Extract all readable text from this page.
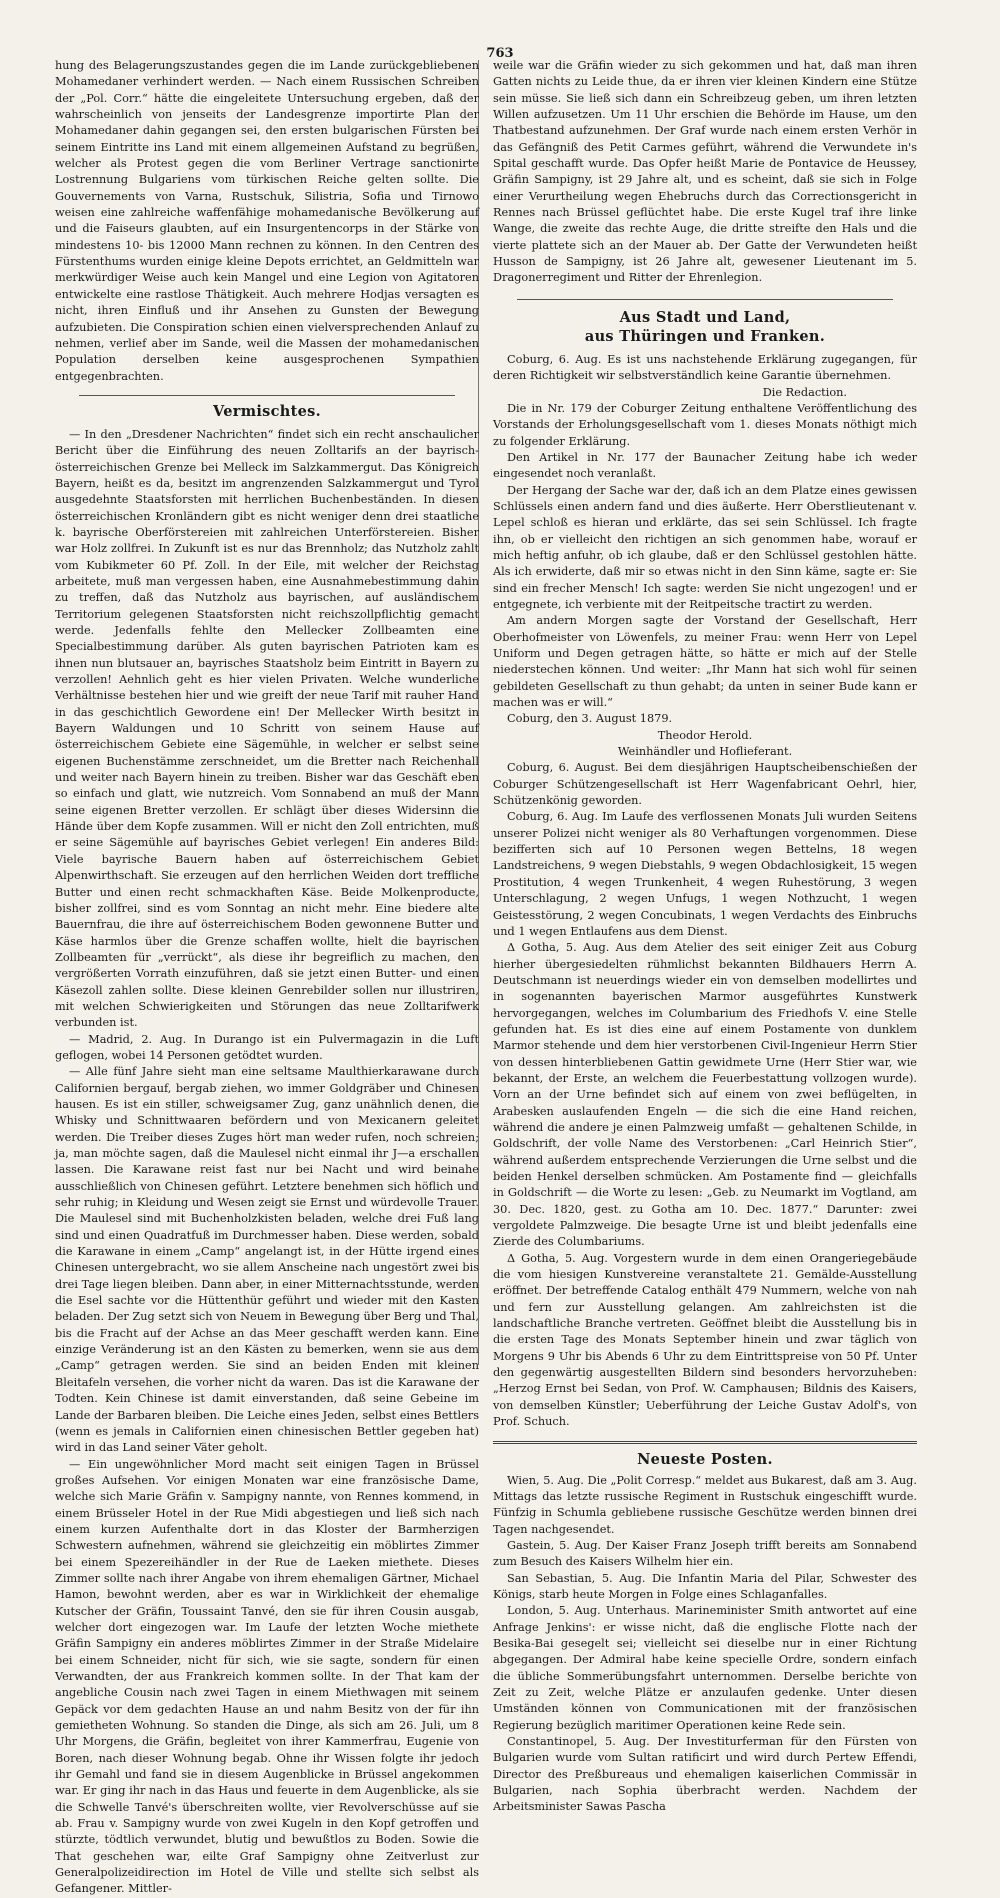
763

hung des Belagerungszustandes gegen die im Lande zurückgebliebenen Mohamedaner verhindert werden. — Nach einem Russischen Schreiben der „Pol. Corr.“ hätte die eingeleitete Untersuchung ergeben, daß der wahrscheinlich von jenseits der Landesgrenze importirte Plan der Mohamedaner dahin gegangen sei, den ersten bulgarischen Fürsten bei seinem Eintritte ins Land mit einem allgemeinen Aufstand zu begrüßen, welcher als Protest gegen die vom Berliner Vertrage sanctionirte Lostrennung Bulgariens vom türkischen Reiche gelten sollte. Die Gouvernements von Varna, Rustschuk, Silistria, Sofia und Tirnowo weisen eine zahlreiche waffenfähige mohamedanische Bevölkerung auf und die Faiseurs glaubten, auf ein Insurgentencorps in der Stärke von mindestens 10- bis 12000 Mann rechnen zu können. In den Centren des Fürstenthums wurden einige kleine Depots errichtet, an Geldmitteln war merkwürdiger Weise auch kein Mangel und eine Legion von Agitatoren entwickelte eine rastlose Thätigkeit. Auch mehrere Hodjas versagten es nicht, ihren Einfluß und ihr Ansehen zu Gunsten der Bewegung aufzubieten. Die Conspiration schien einen vielversprechenden Anlauf zu nehmen, verlief aber im Sande, weil die Massen der mohamedanischen Population derselben keine ausgesprochenen Sympathien entgegenbrachten.

Vermischtes.

— In den „Dresdener Nachrichten“ findet sich ein recht anschaulicher Bericht über die Einführung des neuen Zolltarifs an der bayrisch-österreichischen Grenze bei Melleck im Salzkammergut. Das Königreich Bayern, heißt es da, besitzt im angrenzenden Salzkammergut und Tyrol ausgedehnte Staatsforsten mit herrlichen Buchenbeständen. In diesen österreichischen Kronländern gibt es nicht weniger denn drei staatliche k. bayrische Oberförstereien mit zahlreichen Unterförstereien. Bisher war Holz zollfrei. In Zukunft ist es nur das Brennholz; das Nutzholz zahlt vom Kubikmeter 60 Pf. Zoll. In der Eile, mit welcher der Reichstag arbeitete, muß man vergessen haben, eine Ausnahmebestimmung dahin zu treffen, daß das Nutzholz aus bayrischen, auf ausländischem Territorium gelegenen Staatsforsten nicht reichszollpflichtig gemacht werde. Jedenfalls fehlte den Mellecker Zollbeamten eine Specialbestimmung darüber. Als guten bayrischen Patrioten kam es ihnen nun blutsauer an, bayrisches Staatsholz beim Eintritt in Bayern zu verzollen! Aehnlich geht es hier vielen Privaten. Welche wunderliche Verhältnisse bestehen hier und wie greift der neue Tarif mit rauher Hand in das geschichtlich Gewordene ein! Der Mellecker Wirth besitzt in Bayern Waldungen und 10 Schritt von seinem Hause auf österreichischem Gebiete eine Sägemühle, in welcher er selbst seine eigenen Buchenstämme zerschneidet, um die Bretter nach Reichenhall und weiter nach Bayern hinein zu treiben. Bisher war das Geschäft eben so einfach und glatt, wie nutzreich. Vom Sonnabend an muß der Mann seine eigenen Bretter verzollen. Er schlägt über dieses Widersinn die Hände über dem Kopfe zusammen. Will er nicht den Zoll entrichten, muß er seine Sägemühle auf bayrisches Gebiet verlegen! Ein anderes Bild: Viele bayrische Bauern haben auf österreichischem Gebiet Alpenwirthschaft. Sie erzeugen auf den herrlichen Weiden dort treffliche Butter und einen recht schmackhaften Käse. Beide Molkenproducte, bisher zollfrei, sind es vom Sonntag an nicht mehr. Eine biedere alte Bauernfrau, die ihre auf österreichischem Boden gewonnene Butter und Käse harmlos über die Grenze schaffen wollte, hielt die bayrischen Zollbeamten für „verrückt“, als diese ihr begreiflich zu machen, den vergrößerten Vorrath einzuführen, daß sie jetzt einen Butter- und einen Käsezoll zahlen sollte. Diese kleinen Genrebilder sollen nur illustriren, mit welchen Schwierigkeiten und Störungen das neue Zolltarifwerk verbunden ist.

— Madrid, 2. Aug. In Durango ist ein Pulvermagazin in die Luft geflogen, wobei 14 Personen getödtet wurden.

— Alle fünf Jahre sieht man eine seltsame Maulthierkarawane durch Californien bergauf, bergab ziehen, wo immer Goldgräber und Chinesen hausen. Es ist ein stiller, schweigsamer Zug, ganz unähnlich denen, die Whisky und Schnittwaaren befördern und von Mexicanern geleitet werden. Die Treiber dieses Zuges hört man weder rufen, noch schreien; ja, man möchte sagen, daß die Maulesel nicht einmal ihr J—a erschallen lassen. Die Karawane reist fast nur bei Nacht und wird beinahe ausschließlich von Chinesen geführt. Letztere benehmen sich höflich und sehr ruhig; in Kleidung und Wesen zeigt sie Ernst und würdevolle Trauer. Die Maulesel sind mit Buchenholzkisten beladen, welche drei Fuß lang sind und einen Quadratfuß im Durchmesser haben. Diese werden, sobald die Karawane in einem „Camp“ angelangt ist, in der Hütte irgend eines Chinesen untergebracht, wo sie allem Anscheine nach ungestört zwei bis drei Tage liegen bleiben. Dann aber, in einer Mitternachtsstunde, werden die Esel sachte vor die Hüttenthür geführt und wieder mit den Kasten beladen. Der Zug setzt sich von Neuem in Bewegung über Berg und Thal, bis die Fracht auf der Achse an das Meer geschafft werden kann. Eine einzige Veränderung ist an den Kästen zu bemerken, wenn sie aus dem „Camp“ getragen werden. Sie sind an beiden Enden mit kleinen Bleitafeln versehen, die vorher nicht da waren. Das ist die Karawane der Todten. Kein Chinese ist damit einverstanden, daß seine Gebeine im Lande der Barbaren bleiben. Die Leiche eines Jeden, selbst eines Bettlers (wenn es jemals in Californien einen chinesischen Bettler gegeben hat) wird in das Land seiner Väter geholt.

— Ein ungewöhnlicher Mord macht seit einigen Tagen in Brüssel großes Aufsehen. Vor einigen Monaten war eine französische Dame, welche sich Marie Gräfin v. Sampigny nannte, von Rennes kommend, in einem Brüsseler Hotel in der Rue Midi abgestiegen und ließ sich nach einem kurzen Aufenthalte dort in das Kloster der Barmherzigen Schwestern aufnehmen, während sie gleichzeitig ein möblirtes Zimmer bei einem Spezereihändler in der Rue de Laeken miethete. Dieses Zimmer sollte nach ihrer Angabe von ihrem ehemaligen Gärtner, Michael Hamon, bewohnt werden, aber es war in Wirklichkeit der ehemalige Kutscher der Gräfin, Toussaint Tanvé, den sie für ihren Cousin ausgab, welcher dort eingezogen war. Im Laufe der letzten Woche miethete Gräfin Sampigny ein anderes möblirtes Zimmer in der Straße Midelaire bei einem Schneider, nicht für sich, wie sie sagte, sondern für einen Verwandten, der aus Frankreich kommen sollte. In der That kam der angebliche Cousin nach zwei Tagen in einem Miethwagen mit seinem Gepäck vor dem gedachten Hause an und nahm Besitz von der für ihn gemietheten Wohnung. So standen die Dinge, als sich am 26. Juli, um 8 Uhr Morgens, die Gräfin, begleitet von ihrer Kammerfrau, Eugenie von Boren, nach dieser Wohnung begab. Ohne ihr Wissen folgte ihr jedoch ihr Gemahl und fand sie in diesem Augenblicke in Brüssel angekommen war. Er ging ihr nach in das Haus und feuerte in dem Augenblicke, als sie die Schwelle Tanvé's überschreiten wollte, vier Revolverschüsse auf sie ab. Frau v. Sampigny wurde von zwei Kugeln in den Kopf getroffen und stürzte, tödtlich verwundet, blutig und bewußtlos zu Boden. Sowie die That geschehen war, eilte Graf Sampigny ohne Zeitverlust zur Generalpolizeidirection im Hotel de Ville und stellte sich selbst als Gefangener. Mittler-

weile war die Gräfin wieder zu sich gekommen und hat, daß man ihren Gatten nichts zu Leide thue, da er ihren vier kleinen Kindern eine Stütze sein müsse. Sie ließ sich dann ein Schreibzeug geben, um ihren letzten Willen aufzusetzen. Um 11 Uhr erschien die Behörde im Hause, um den Thatbestand aufzunehmen. Der Graf wurde nach einem ersten Verhör in das Gefängniß des Petit Carmes geführt, während die Verwundete in's Spital geschafft wurde. Das Opfer heißt Marie de Pontavice de Heussey, Gräfin Sampigny, ist 29 Jahre alt, und es scheint, daß sie sich in Folge einer Verurtheilung wegen Ehebruchs durch das Correctionsgericht in Rennes nach Brüssel geflüchtet habe. Die erste Kugel traf ihre linke Wange, die zweite das rechte Auge, die dritte streifte den Hals und die vierte plattete sich an der Mauer ab. Der Gatte der Verwundeten heißt Husson de Sampigny, ist 26 Jahre alt, gewesener Lieutenant im 5. Dragonerregiment und Ritter der Ehrenlegion.

Aus Stadt und Land,
aus Thüringen und Franken.

Coburg, 6. Aug. Es ist uns nachstehende Erklärung zugegangen, für deren Richtigkeit wir selbstverständlich keine Garantie übernehmen.

Die Redaction.

Die in Nr. 179 der Coburger Zeitung enthaltene Veröffentlichung des Vorstands der Erholungsgesellschaft vom 1. dieses Monats nöthigt mich zu folgender Erklärung.

Den Artikel in Nr. 177 der Baunacher Zeitung habe ich weder eingesendet noch veranlaßt.

Der Hergang der Sache war der, daß ich an dem Platze eines gewissen Schlüssels einen andern fand und dies äußerte. Herr Oberstlieutenant v. Lepel schloß es hieran und erklärte, das sei sein Schlüssel. Ich fragte ihn, ob er vielleicht den richtigen an sich genommen habe, worauf er mich heftig anfuhr, ob ich glaube, daß er den Schlüssel gestohlen hätte. Als ich erwiderte, daß mir so etwas nicht in den Sinn käme, sagte er: Sie sind ein frecher Mensch! Ich sagte: werden Sie nicht ungezogen! und er entgegnete, ich verbiente mit der Reitpeitsche tractirt zu werden.

Am andern Morgen sagte der Vorstand der Gesellschaft, Herr Oberhofmeister von Löwenfels, zu meiner Frau: wenn Herr von Lepel Uniform und Degen getragen hätte, so hätte er mich auf der Stelle niederstechen können. Und weiter: „Ihr Mann hat sich wohl für seinen gebildeten Gesellschaft zu thun gehabt; da unten in seiner Bude kann er machen was er will.“

Coburg, den 3. August 1879.

Theodor Herold.

Weinhändler und Hoflieferant.

Coburg, 6. August. Bei dem diesjährigen Hauptscheibenschießen der Coburger Schützengesellschaft ist Herr Wagenfabricant Oehrl, hier, Schützenkönig geworden.

Coburg, 6. Aug. Im Laufe des verflossenen Monats Juli wurden Seitens unserer Polizei nicht weniger als 80 Verhaftungen vorgenommen. Diese bezifferten sich auf 10 Personen wegen Bettelns, 18 wegen Landstreichens, 9 wegen Diebstahls, 9 wegen Obdachlosigkeit, 15 wegen Prostitution, 4 wegen Trunkenheit, 4 wegen Ruhestörung, 3 wegen Unterschlagung, 2 wegen Unfugs, 1 wegen Nothzucht, 1 wegen Geistesstörung, 2 wegen Concubinats, 1 wegen Verdachts des Einbruchs und 1 wegen Entlaufens aus dem Dienst.

Δ Gotha, 5. Aug. Aus dem Atelier des seit einiger Zeit aus Coburg hierher übergesiedelten rühmlichst bekannten Bildhauers Herrn A. Deutschmann ist neuerdings wieder ein von demselben modellirtes und in sogenannten bayerischen Marmor ausgeführtes Kunstwerk hervorgegangen, welches im Columbarium des Friedhofs V. eine Stelle gefunden hat. Es ist dies eine auf einem Postamente von dunklem Marmor stehende und dem hier verstorbenen Civil-Ingenieur Herrn Stier von dessen hinterbliebenen Gattin gewidmete Urne (Herr Stier war, wie bekannt, der Erste, an welchem die Feuerbestattung vollzogen wurde). Vorn an der Urne befindet sich auf einem von zwei beflügelten, in Arabesken auslaufenden Engeln — die sich die eine Hand reichen, während die andere je einen Palmzweig umfaßt — gehaltenen Schilde, in Goldschrift, der volle Name des Verstorbenen: „Carl Heinrich Stier“, während außerdem entsprechende Verzierungen die Urne selbst und die beiden Henkel derselben schmücken. Am Postamente find — gleichfalls in Goldschrift — die Worte zu lesen: „Geb. zu Neumarkt im Vogtland, am 30. Dec. 1820, gest. zu Gotha am 10. Dec. 1877.“ Darunter: zwei vergoldete Palmzweige. Die besagte Urne ist und bleibt jedenfalls eine Zierde des Columbariums.

Δ Gotha, 5. Aug. Vorgestern wurde in dem einen Orangeriegebäude die vom hiesigen Kunstvereine veranstaltete 21. Gemälde-Ausstellung eröffnet. Der betreffende Catalog enthält 479 Nummern, welche von nah und fern zur Ausstellung gelangen. Am zahlreichsten ist die landschaftliche Branche vertreten. Geöffnet bleibt die Ausstellung bis in die ersten Tage des Monats September hinein und zwar täglich von Morgens 9 Uhr bis Abends 6 Uhr zu dem Eintrittspreise von 50 Pf. Unter den gegenwärtig ausgestellten Bildern sind besonders hervorzuheben: „Herzog Ernst bei Sedan, von Prof. W. Camphausen; Bildnis des Kaisers, von demselben Künstler; Ueberführung der Leiche Gustav Adolf's, von Prof. Schuch.

Neueste Posten.

Wien, 5. Aug. Die „Polit Corresp.“ meldet aus Bukarest, daß am 3. Aug. Mittags das letzte russische Regiment in Rustschuk eingeschifft wurde. Fünfzig in Schumla gebliebene russische Geschütze werden binnen drei Tagen nachgesendet.

Gastein, 5. Aug. Der Kaiser Franz Joseph trifft bereits am Sonnabend zum Besuch des Kaisers Wilhelm hier ein.

San Sebastian, 5. Aug. Die Infantin Maria del Pilar, Schwester des Königs, starb heute Morgen in Folge eines Schlaganfalles.

London, 5. Aug. Unterhaus. Marineminister Smith antwortet auf eine Anfrage Jenkins': er wisse nicht, daß die englische Flotte nach der Besika-Bai gesegelt sei; vielleicht sei dieselbe nur in einer Richtung abgegangen. Der Admiral habe keine specielle Ordre, sondern einfach die übliche Sommerübungsfahrt unternommen. Derselbe berichte von Zeit zu Zeit, welche Plätze er anzulaufen gedenke. Unter diesen Umständen können von Communicationen mit der französischen Regierung bezüglich maritimer Operationen keine Rede sein.

Constantinopel, 5. Aug. Der Investiturferman für den Fürsten von Bulgarien wurde vom Sultan ratificirt und wird durch Pertew Effendi, Director des Preßbureaus und ehemaligen kaiserlichen Commissär in Bulgarien, nach Sophia überbracht werden. Nachdem der Arbeitsminister Sawas Pascha
